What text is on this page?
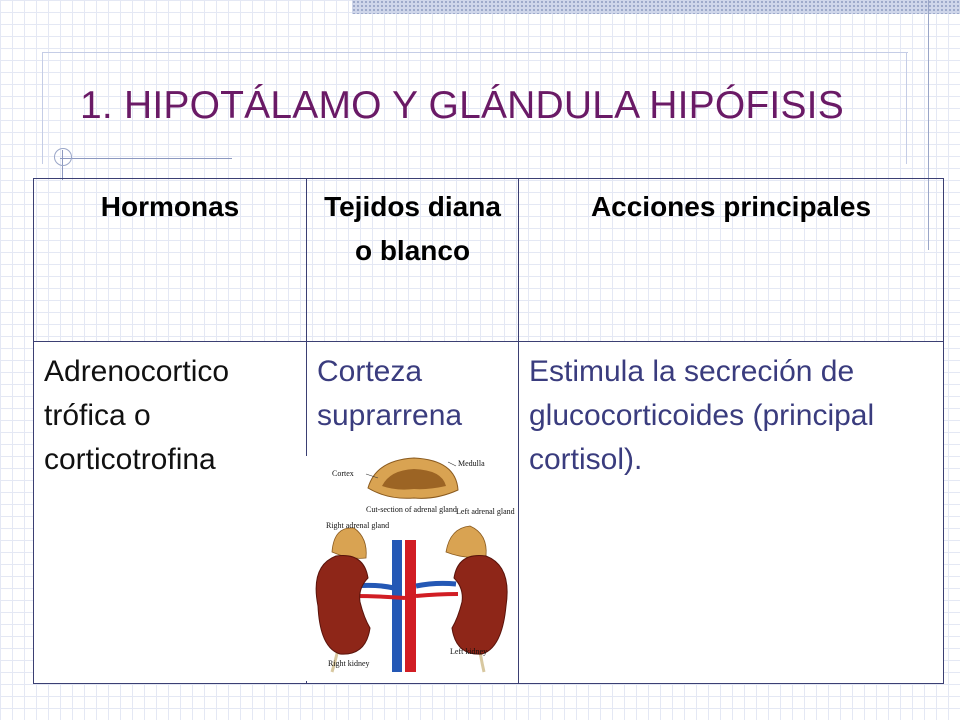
1. HIPOTÁLAMO Y GLÁNDULA HIPÓFISIS
Hormonas	Tejidos diana o blanco	Acciones principales
Adrenocortico trófica o corticotrofina	Corteza suprarrena	Estimula la secreción de glucocorticoides (principal cortisol).
Cortex
Medulla
Cut-section of adrenal gland
Right adrenal gland
Left adrenal gland
Right kidney
Left kidney
